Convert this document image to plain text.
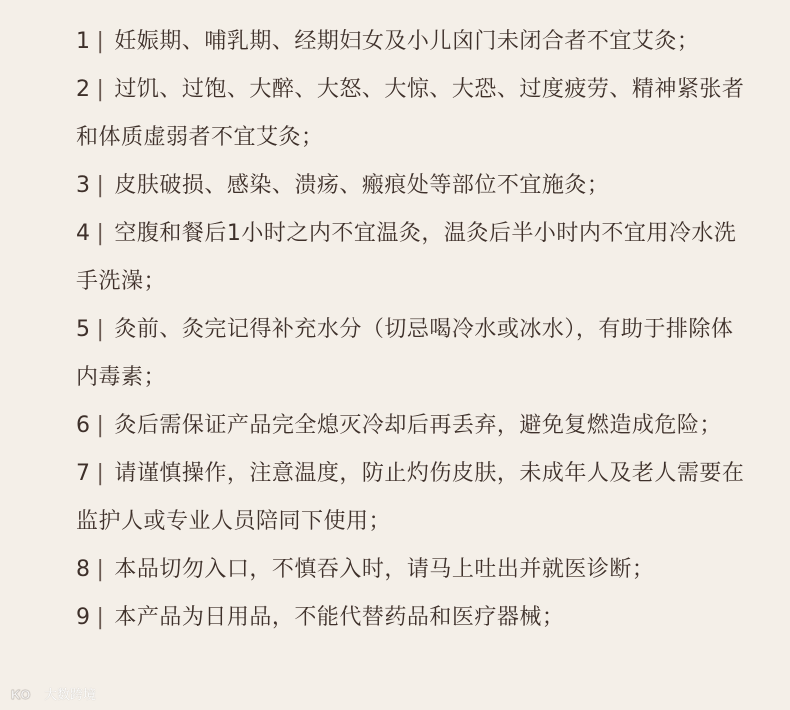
1 | 妊娠期、哺乳期、经期妇女及小儿囟门未闭合者不宜艾灸；
2 | 过饥、过饱、大醉、大怒、大惊、大恐、过度疲劳、精神紧张者和体质虚弱者不宜艾灸；
3 | 皮肤破损、感染、溃疡、瘢痕处等部位不宜施灸；
4 | 空腹和餐后1小时之内不宜温灸，温灸后半小时内不宜用冷水洗手洗澡；
5 | 灸前、灸完记得补充水分（切忌喝冷水或冰水），有助于排除体内毒素；
6 | 灸后需保证产品完全熄灭冷却后再丢弃，避免复燃造成危险；
7 | 请谨慎操作，注意温度，防止灼伤皮肤，未成年人及老人需要在监护人或专业人员陪同下使用；
8 | 本品切勿入口，不慎吞入时，请马上吐出并就医诊断；
9 | 本产品为日用品，不能代替药品和医疗器械；
KO 大数跨境
